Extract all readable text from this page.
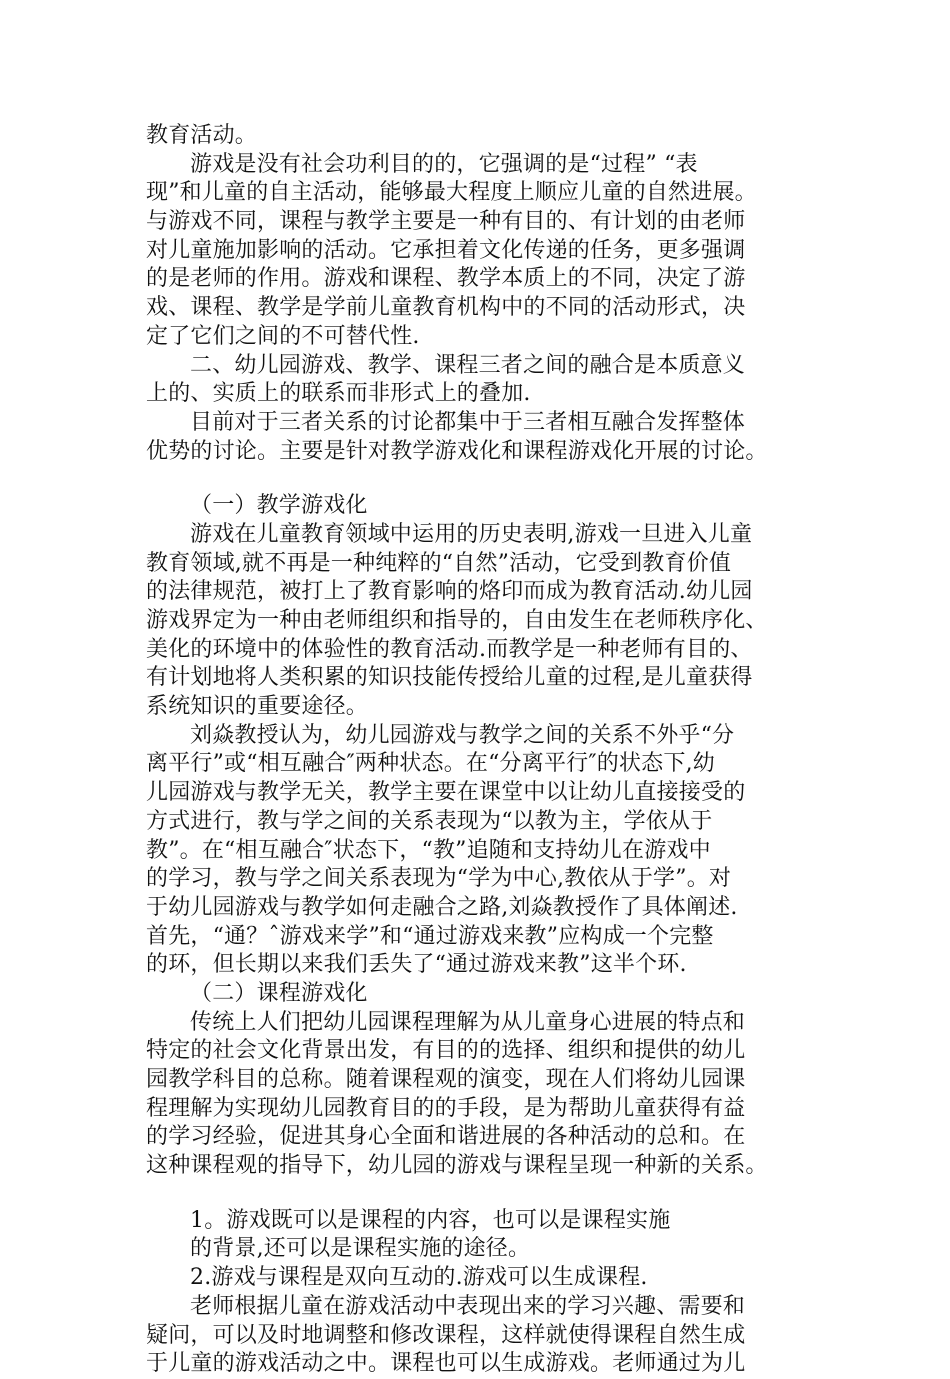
教育活动。
游戏是没有社会功利目的的，它强调的是“过程” “表
现”和儿童的自主活动，能够最大程度上顺应儿童的自然进展。
与游戏不同，课程与教学主要是一种有目的、有计划的由老师
对儿童施加影响的活动。它承担着文化传递的任务，更多强调
的是老师的作用。游戏和课程、教学本质上的不同，决定了游
戏、课程、教学是学前儿童教育机构中的不同的活动形式，决
定了它们之间的不可替代性.
二、幼儿园游戏、教学、课程三者之间的融合是本质意义
上的、实质上的联系而非形式上的叠加.
目前对于三者关系的讨论都集中于三者相互融合发挥整体
优势的讨论。主要是针对教学游戏化和课程游戏化开展的讨论。
（一）教学游戏化
游戏在儿童教育领域中运用的历史表明,游戏一旦进入儿童
教育领域,就不再是一种纯粹的“自然”活动，它受到教育价值
的法律规范，被打上了教育影响的烙印而成为教育活动.幼儿园
游戏界定为一种由老师组织和指导的，自由发生在老师秩序化、
美化的环境中的体验性的教育活动.而教学是一种老师有目的、
有计划地将人类积累的知识技能传授给儿童的过程,是儿童获得
系统知识的重要途径。
刘焱教授认为，幼儿园游戏与教学之间的关系不外乎“分
离平行”或“相互融合″两种状态。在“分离平行″的状态下,幼
儿园游戏与教学无关，教学主要在课堂中以让幼儿直接接受的
方式进行，教与学之间的关系表现为“以教为主，学依从于
教”。在“相互融合″状态下，“教”追随和支持幼儿在游戏中
的学习，教与学之间关系表现为“学为中心,教依从于学”。对
于幼儿园游戏与教学如何走融合之路,刘焱教授作了具体阐述.
首先，“通？ˆ游戏来学”和“通过游戏来教”应构成一个完整
的环，但长期以来我们丢失了“通过游戏来教”这半个环.
（二）课程游戏化
传统上人们把幼儿园课程理解为从儿童身心进展的特点和
特定的社会文化背景出发，有目的的选择、组织和提供的幼儿
园教学科目的总称。随着课程观的演变，现在人们将幼儿园课
程理解为实现幼儿园教育目的的手段，是为帮助儿童获得有益
的学习经验，促进其身心全面和谐进展的各种活动的总和。在
这种课程观的指导下，幼儿园的游戏与课程呈现一种新的关系。
1。游戏既可以是课程的内容，也可以是课程实施
的背景,还可以是课程实施的途径。
2.游戏与课程是双向互动的.游戏可以生成课程.
老师根据儿童在游戏活动中表现出来的学习兴趣、需要和
疑问，可以及时地调整和修改课程，这样就使得课程自然生成
于儿童的游戏活动之中。课程也可以生成游戏。老师通过为儿
